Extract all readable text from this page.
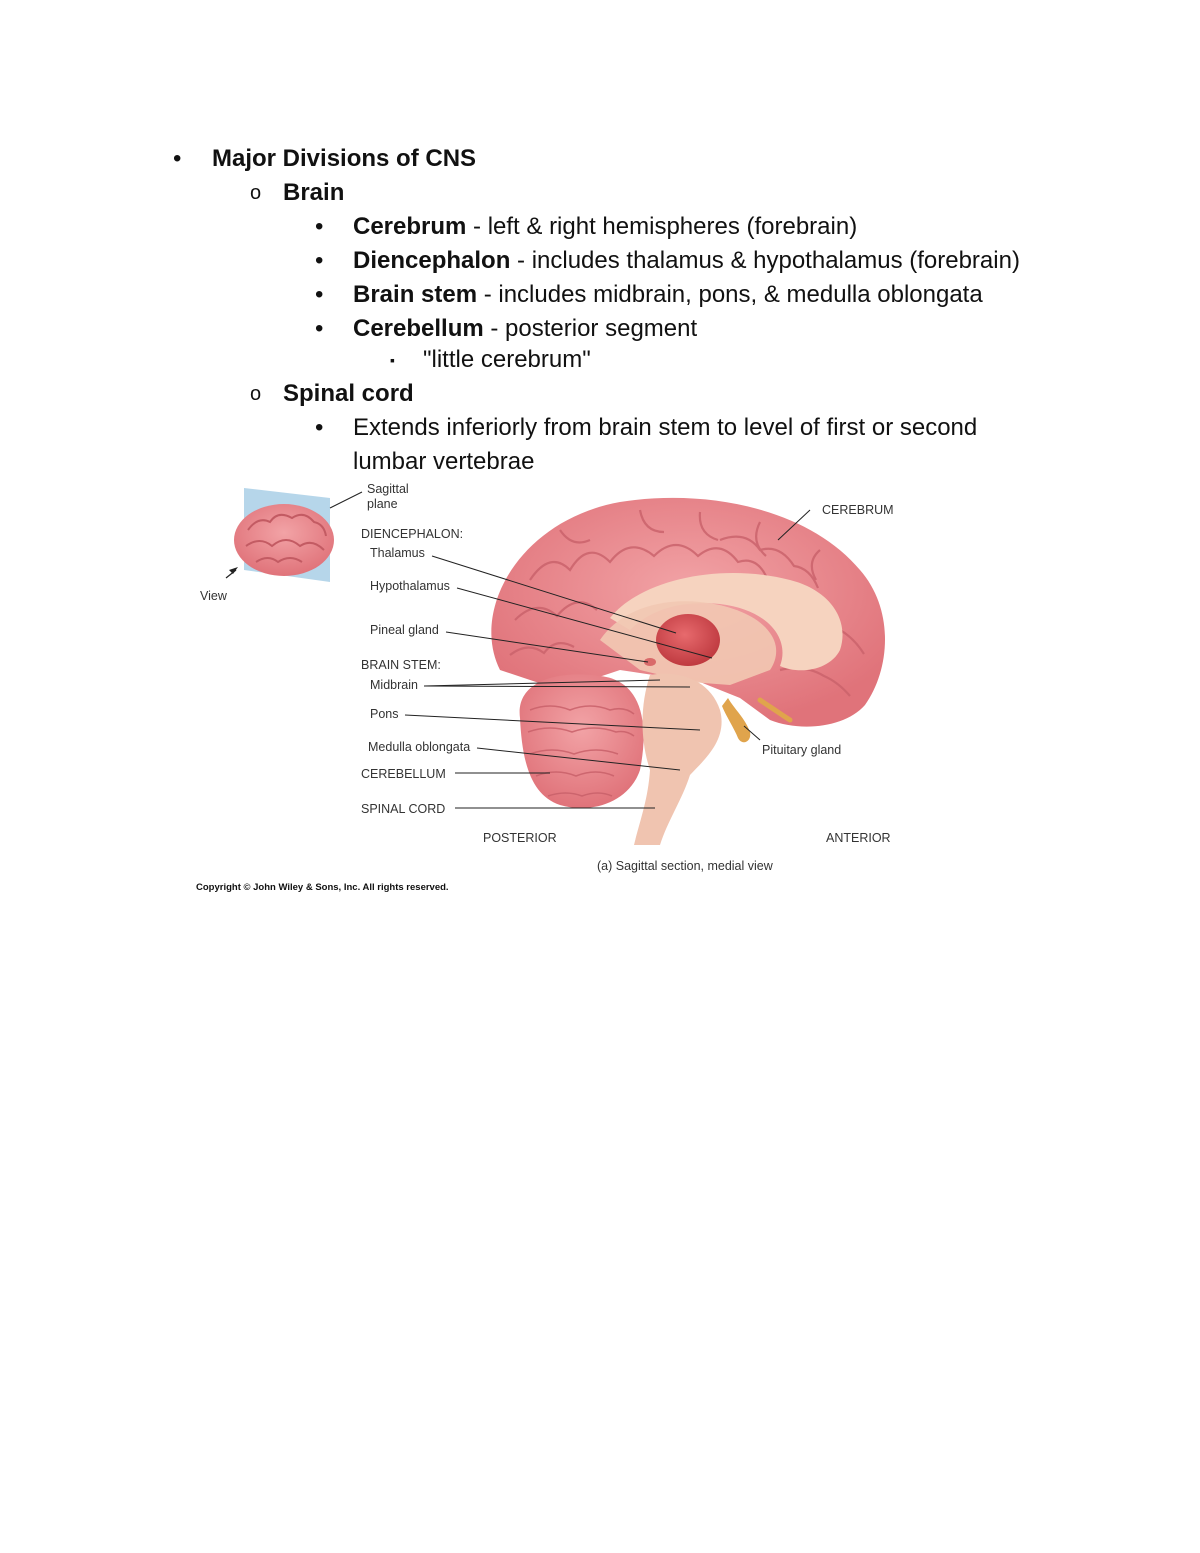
• Major Divisions of CNS
o Brain
• Cerebrum - left & right hemispheres (forebrain)
• Diencephalon - includes thalamus & hypothalamus (forebrain)
• Brain stem - includes midbrain, pons, & medulla oblongata
• Cerebellum - posterior segment
▪ "little cerebrum"
o Spinal cord
• Extends inferiorly from brain stem to level of first or second
lumbar vertebrae
View
Sagittal
plane
DIENCEPHALON:
Thalamus
Hypothalamus
Pineal gland
BRAIN STEM:
Midbrain
Pons
Medulla oblongata
CEREBELLUM
SPINAL CORD
CEREBRUM
Pituitary gland
POSTERIOR	ANTERIOR
(a) Sagittal section, medial view
Copyright © John Wiley & Sons, Inc. All rights reserved.
